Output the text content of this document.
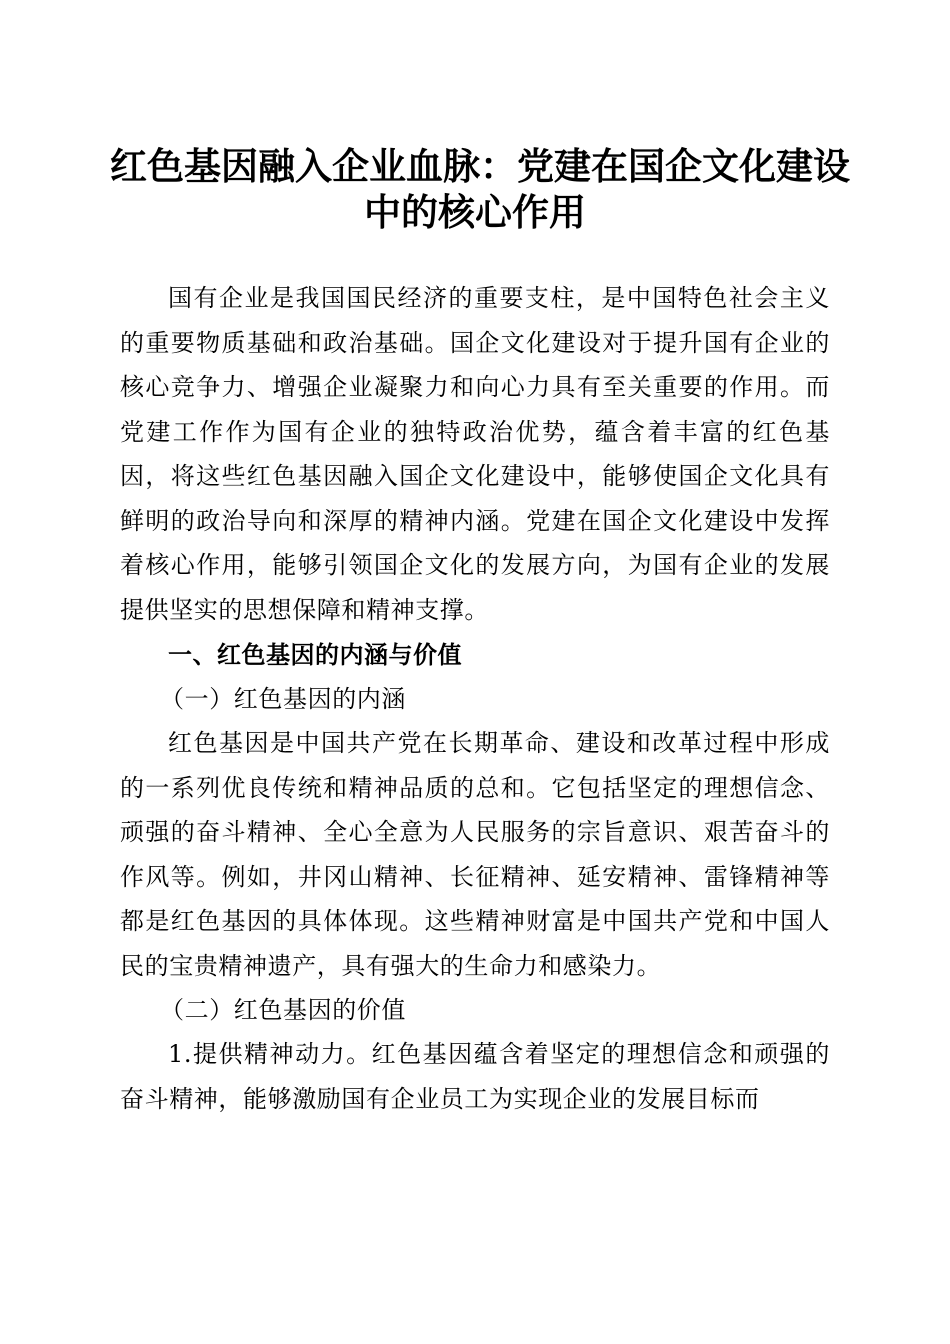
红色基因融入企业血脉：党建在国企文化建设
中的核心作用

国有企业是我国国民经济的重要支柱，是中国特色社会主义的重要物质基础和政治基础。国企文化建设对于提升国有企业的核心竞争力、增强企业凝聚力和向心力具有至关重要的作用。而党建工作作为国有企业的独特政治优势，蕴含着丰富的红色基因，将这些红色基因融入国企文化建设中，能够使国企文化具有鲜明的政治导向和深厚的精神内涵。党建在国企文化建设中发挥着核心作用，能够引领国企文化的发展方向，为国有企业的发展提供坚实的思想保障和精神支撑。

一、红色基因的内涵与价值
（一）红色基因的内涵

红色基因是中国共产党在长期革命、建设和改革过程中形成的一系列优良传统和精神品质的总和。它包括坚定的理想信念、顽强的奋斗精神、全心全意为人民服务的宗旨意识、艰苦奋斗的作风等。例如，井冈山精神、长征精神、延安精神、雷锋精神等都是红色基因的具体体现。这些精神财富是中国共产党和中国人民的宝贵精神遗产，具有强大的生命力和感染力。

（二）红色基因的价值

1.提供精神动力。红色基因蕴含着坚定的理想信念和顽强的奋斗精神，能够激励国有企业员工为实现企业的发展目标而
